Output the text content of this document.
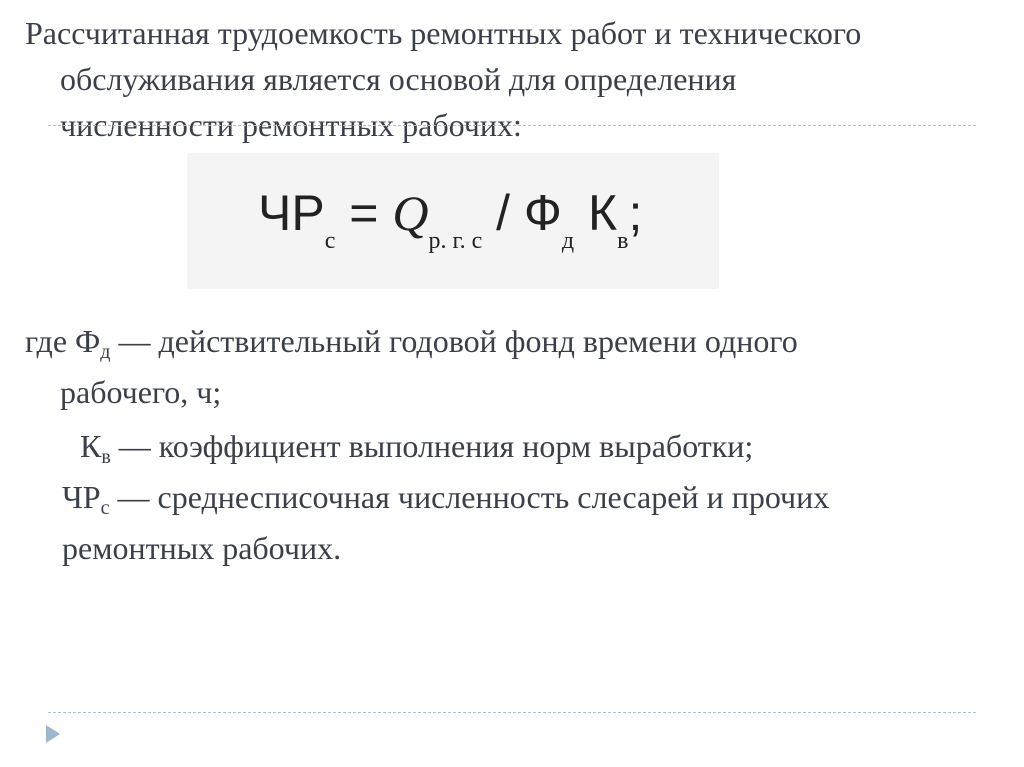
Рассчитанная трудоемкость ремонтных работ и технического
обслуживания является основой для определения
численности ремонтных рабочих:
$ЧР_с = Q_{р. г. с} / Ф_д$ $К_в$;
где Фд — действительный годовой фонд времени одного
рабочего, ч;
Кв — коэффициент выполнения норм выработки;
ЧРс — среднесписочная численность слесарей и прочих
ремонтных рабочих.
